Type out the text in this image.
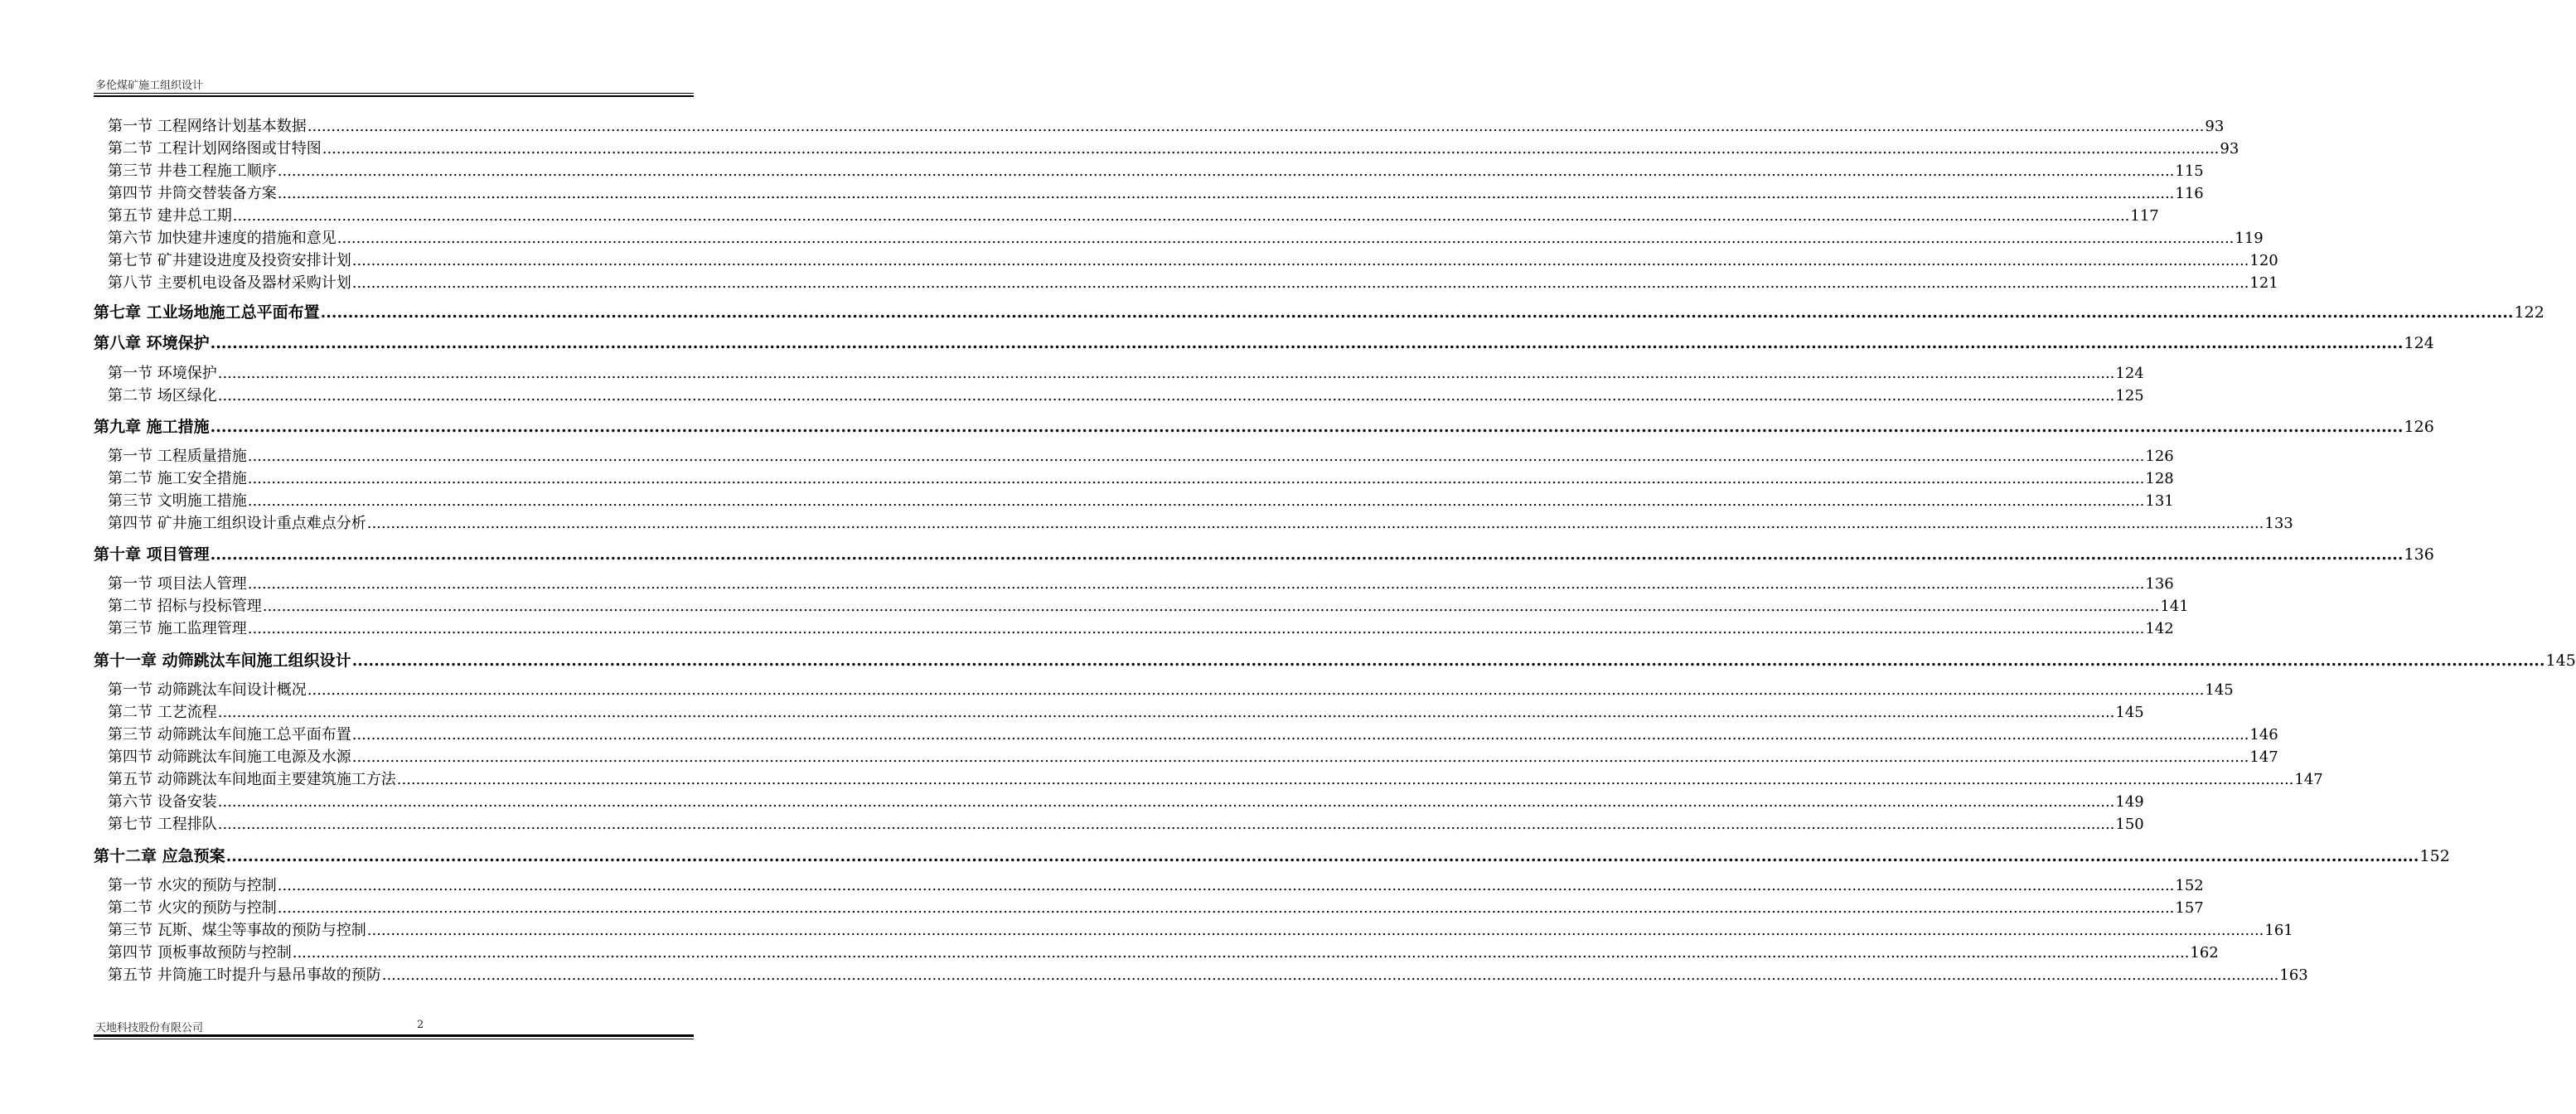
多伦煤矿施工组织设计
第一节 工程网络计划基本数据 ................................................................................................................................................................................................................................................................................................................................................................................................................ 93
第二节 工程计划网络图或甘特图 ................................................................................................................................................................................................................................................................................................................................................................................................................ 93
第三节 井巷工程施工顺序 ................................................................................................................................................................................................................................................................................................................................................................................................................ 115
第四节 井筒交替装备方案 ................................................................................................................................................................................................................................................................................................................................................................................................................ 116
第五节 建井总工期 ................................................................................................................................................................................................................................................................................................................................................................................................................ 117
第六节 加快建井速度的措施和意见 ................................................................................................................................................................................................................................................................................................................................................................................................................ 119
第七节 矿井建设进度及投资安排计划 ................................................................................................................................................................................................................................................................................................................................................................................................................ 120
第八节 主要机电设备及器材采购计划 ................................................................................................................................................................................................................................................................................................................................................................................................................ 121
第七章 工业场地施工总平面布置 ................................................................................................................................................................................................................................................................................................................................................................................................................ 122
第八章 环境保护 ................................................................................................................................................................................................................................................................................................................................................................................................................ 124
第一节 环境保护 ................................................................................................................................................................................................................................................................................................................................................................................................................ 124
第二节 场区绿化 ................................................................................................................................................................................................................................................................................................................................................................................................................ 125
第九章 施工措施 ................................................................................................................................................................................................................................................................................................................................................................................................................ 126
第一节 工程质量措施 ................................................................................................................................................................................................................................................................................................................................................................................................................ 126
第二节 施工安全措施 ................................................................................................................................................................................................................................................................................................................................................................................................................ 128
第三节 文明施工措施 ................................................................................................................................................................................................................................................................................................................................................................................................................ 131
第四节 矿井施工组织设计重点难点分析 ................................................................................................................................................................................................................................................................................................................................................................................................................ 133
第十章 项目管理 ................................................................................................................................................................................................................................................................................................................................................................................................................ 136
第一节 项目法人管理 ................................................................................................................................................................................................................................................................................................................................................................................................................ 136
第二节 招标与投标管理 ................................................................................................................................................................................................................................................................................................................................................................................................................ 141
第三节 施工监理管理 ................................................................................................................................................................................................................................................................................................................................................................................................................ 142
第十一章 动筛跳汰车间施工组织设计 ................................................................................................................................................................................................................................................................................................................................................................................................................ 145
第一节 动筛跳汰车间设计概况 ................................................................................................................................................................................................................................................................................................................................................................................................................ 145
第二节 工艺流程 ................................................................................................................................................................................................................................................................................................................................................................................................................ 145
第三节 动筛跳汰车间施工总平面布置 ................................................................................................................................................................................................................................................................................................................................................................................................................ 146
第四节 动筛跳汰车间施工电源及水源 ................................................................................................................................................................................................................................................................................................................................................................................................................ 147
第五节 动筛跳汰车间地面主要建筑施工方法 ................................................................................................................................................................................................................................................................................................................................................................................................................ 147
第六节 设备安装 ................................................................................................................................................................................................................................................................................................................................................................................................................ 149
第七节 工程排队 ................................................................................................................................................................................................................................................................................................................................................................................................................ 150
第十二章 应急预案 ................................................................................................................................................................................................................................................................................................................................................................................................................ 152
第一节 水灾的预防与控制 ................................................................................................................................................................................................................................................................................................................................................................................................................ 152
第二节 火灾的预防与控制 ................................................................................................................................................................................................................................................................................................................................................................................................................ 157
第三节 瓦斯、煤尘等事故的预防与控制 ................................................................................................................................................................................................................................................................................................................................................................................................................ 161
第四节 顶板事故预防与控制 ................................................................................................................................................................................................................................................................................................................................................................................................................ 162
第五节 井筒施工时提升与悬吊事故的预防 ................................................................................................................................................................................................................................................................................................................................................................................................................ 163
天地科技股份有限公司	2
